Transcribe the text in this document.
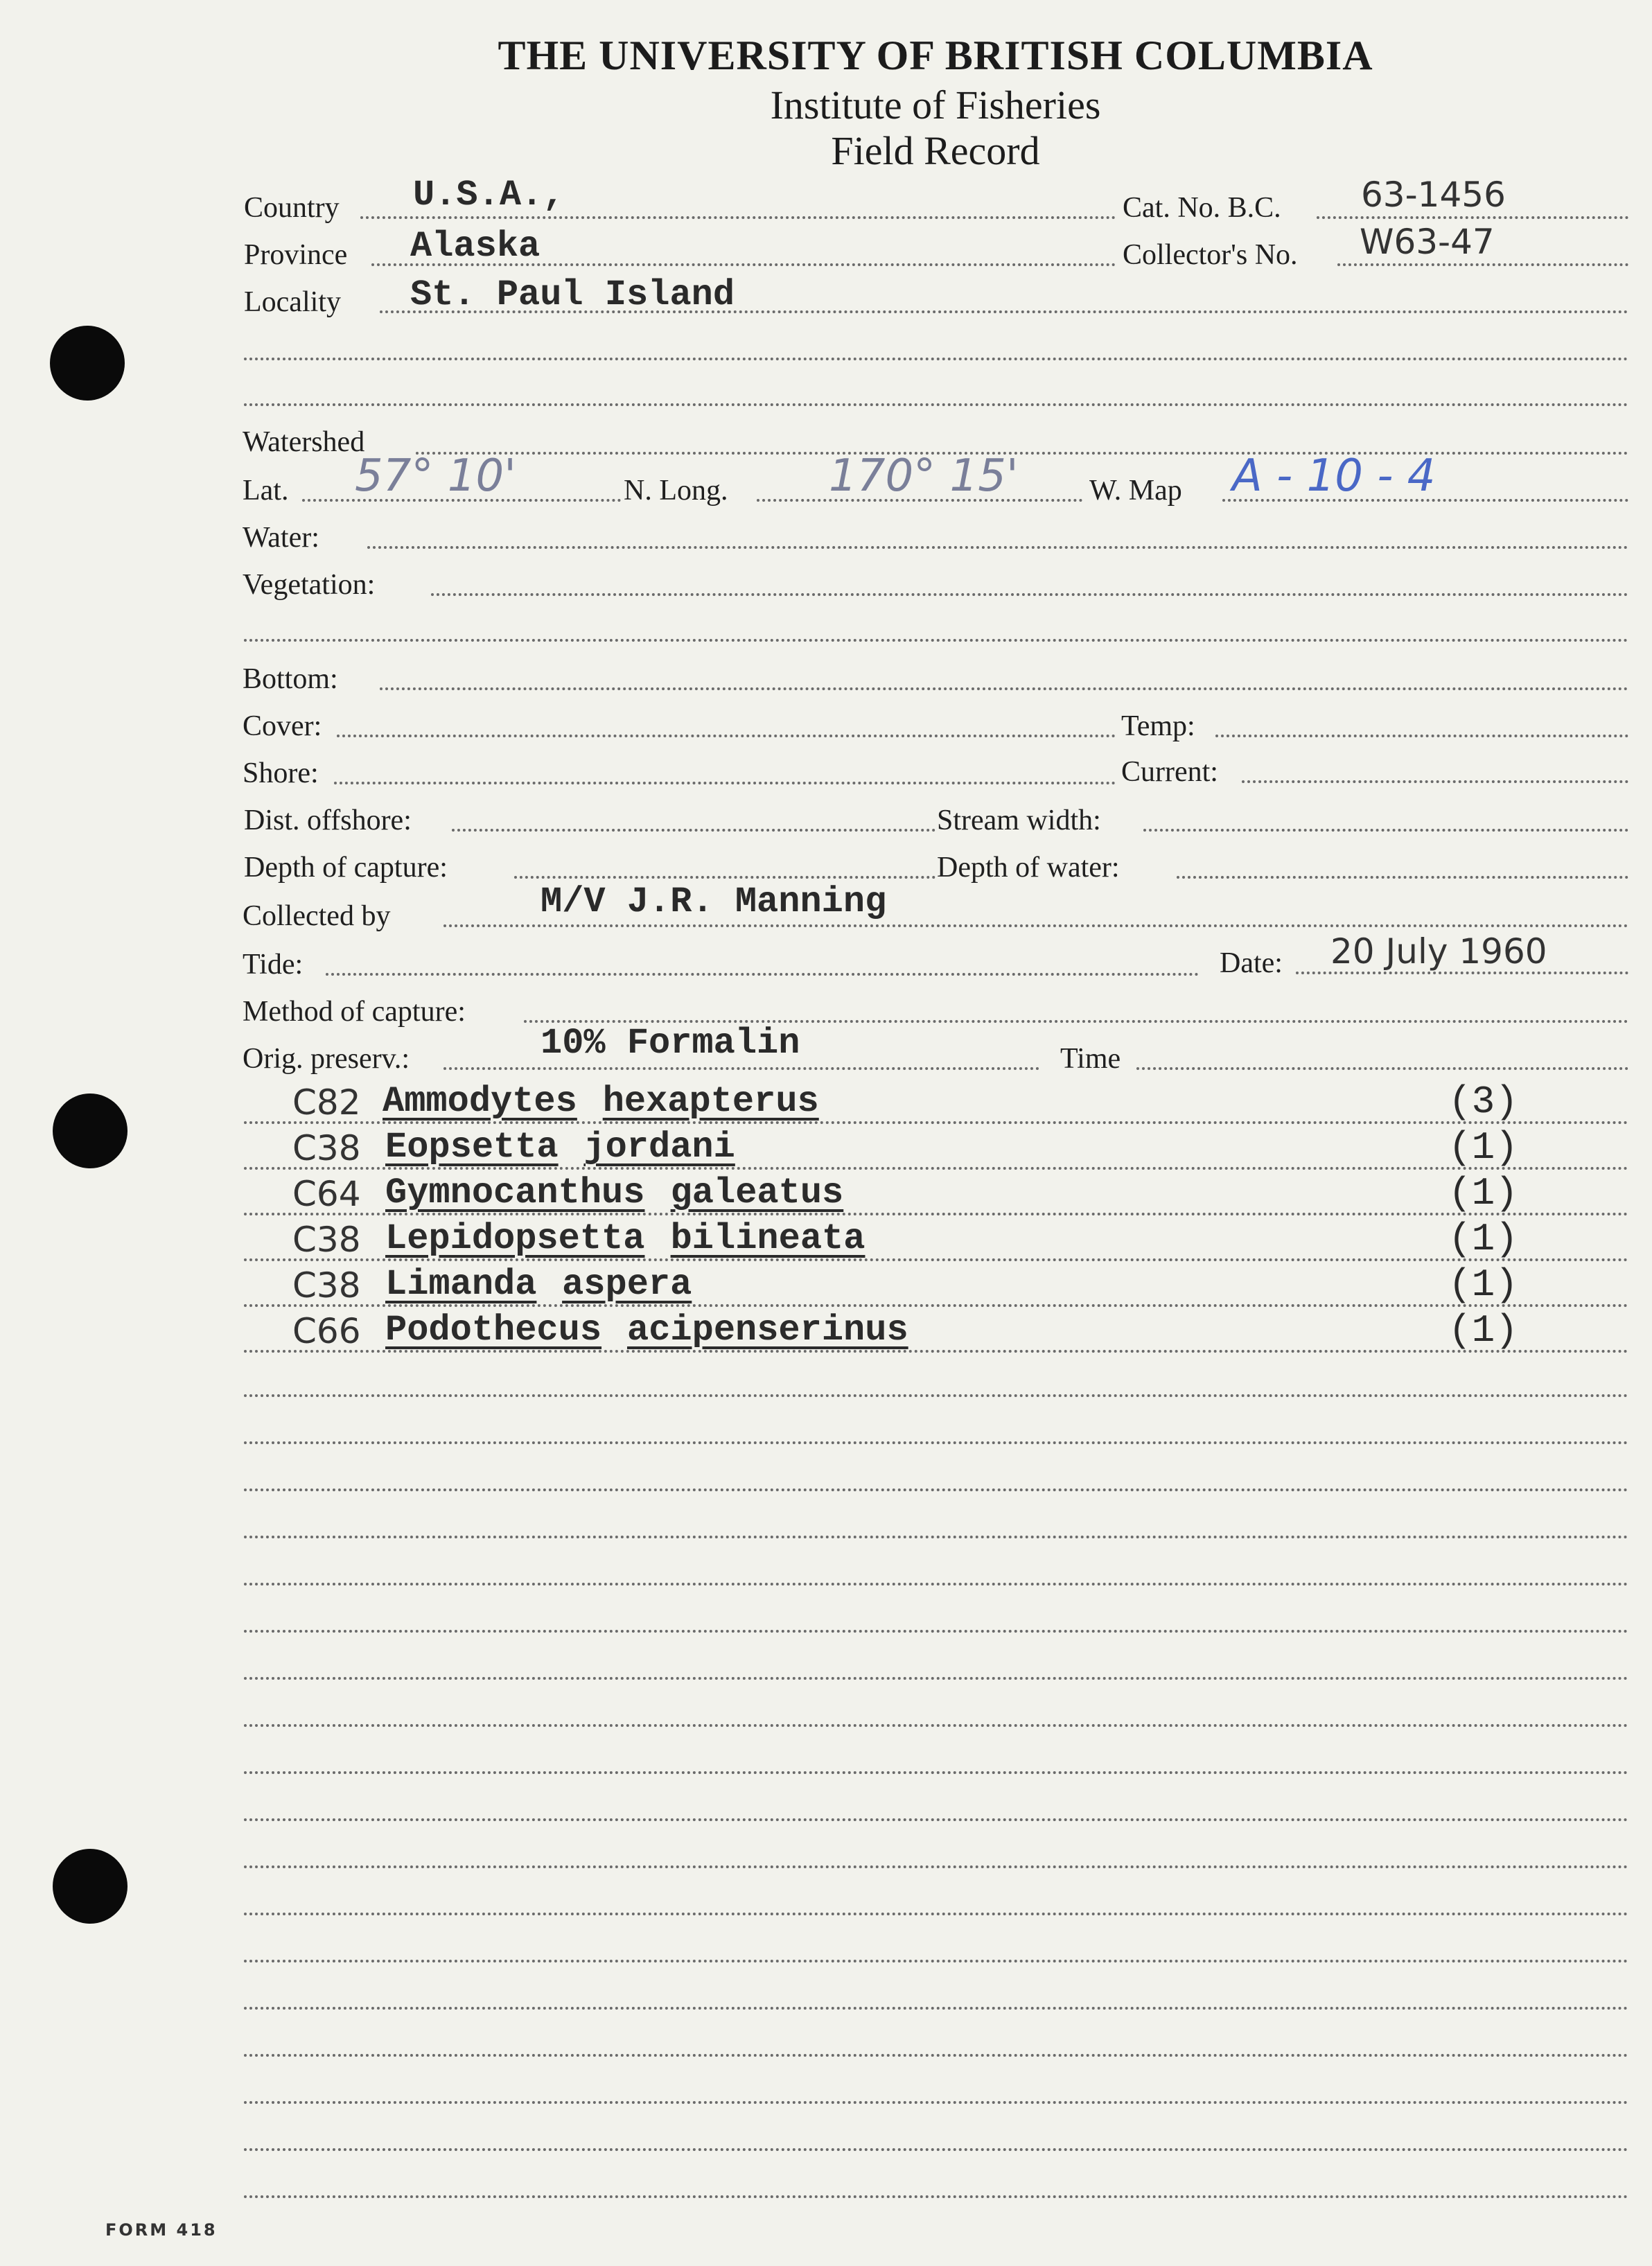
THE UNIVERSITY OF BRITISH COLUMBIA
Institute of Fisheries
Field Record
Country U.S.A.,	Cat. No. B.C. 63-1456
Province Alaska	Collector's No. W63-47
Locality St. Paul Island
Watershed
Lat. 57° 10'	N. Long. 170° 15' W. Map A - 10 - 4
Water:
Vegetation:
Bottom:
Cover:	Temp:
Shore:	Current:
Dist. offshore:	Stream width:
Depth of capture:	Depth of water:
Collected by	M/V J.R. Manning
Tide:	Date: 20 July 1960
Method of capture:
Orig. preserv.:	10% Formalin	Time
C82 Ammodytes hexapterus	(3)
C38 Eopsetta jordani	(1)
C64 Gymnocanthus galeatus	(1)
C38 Lepidopsetta bilineata	(1)
C38 Limanda aspera	(1)
C66 Podothecus acipenserinus	(1)
FORM 418
